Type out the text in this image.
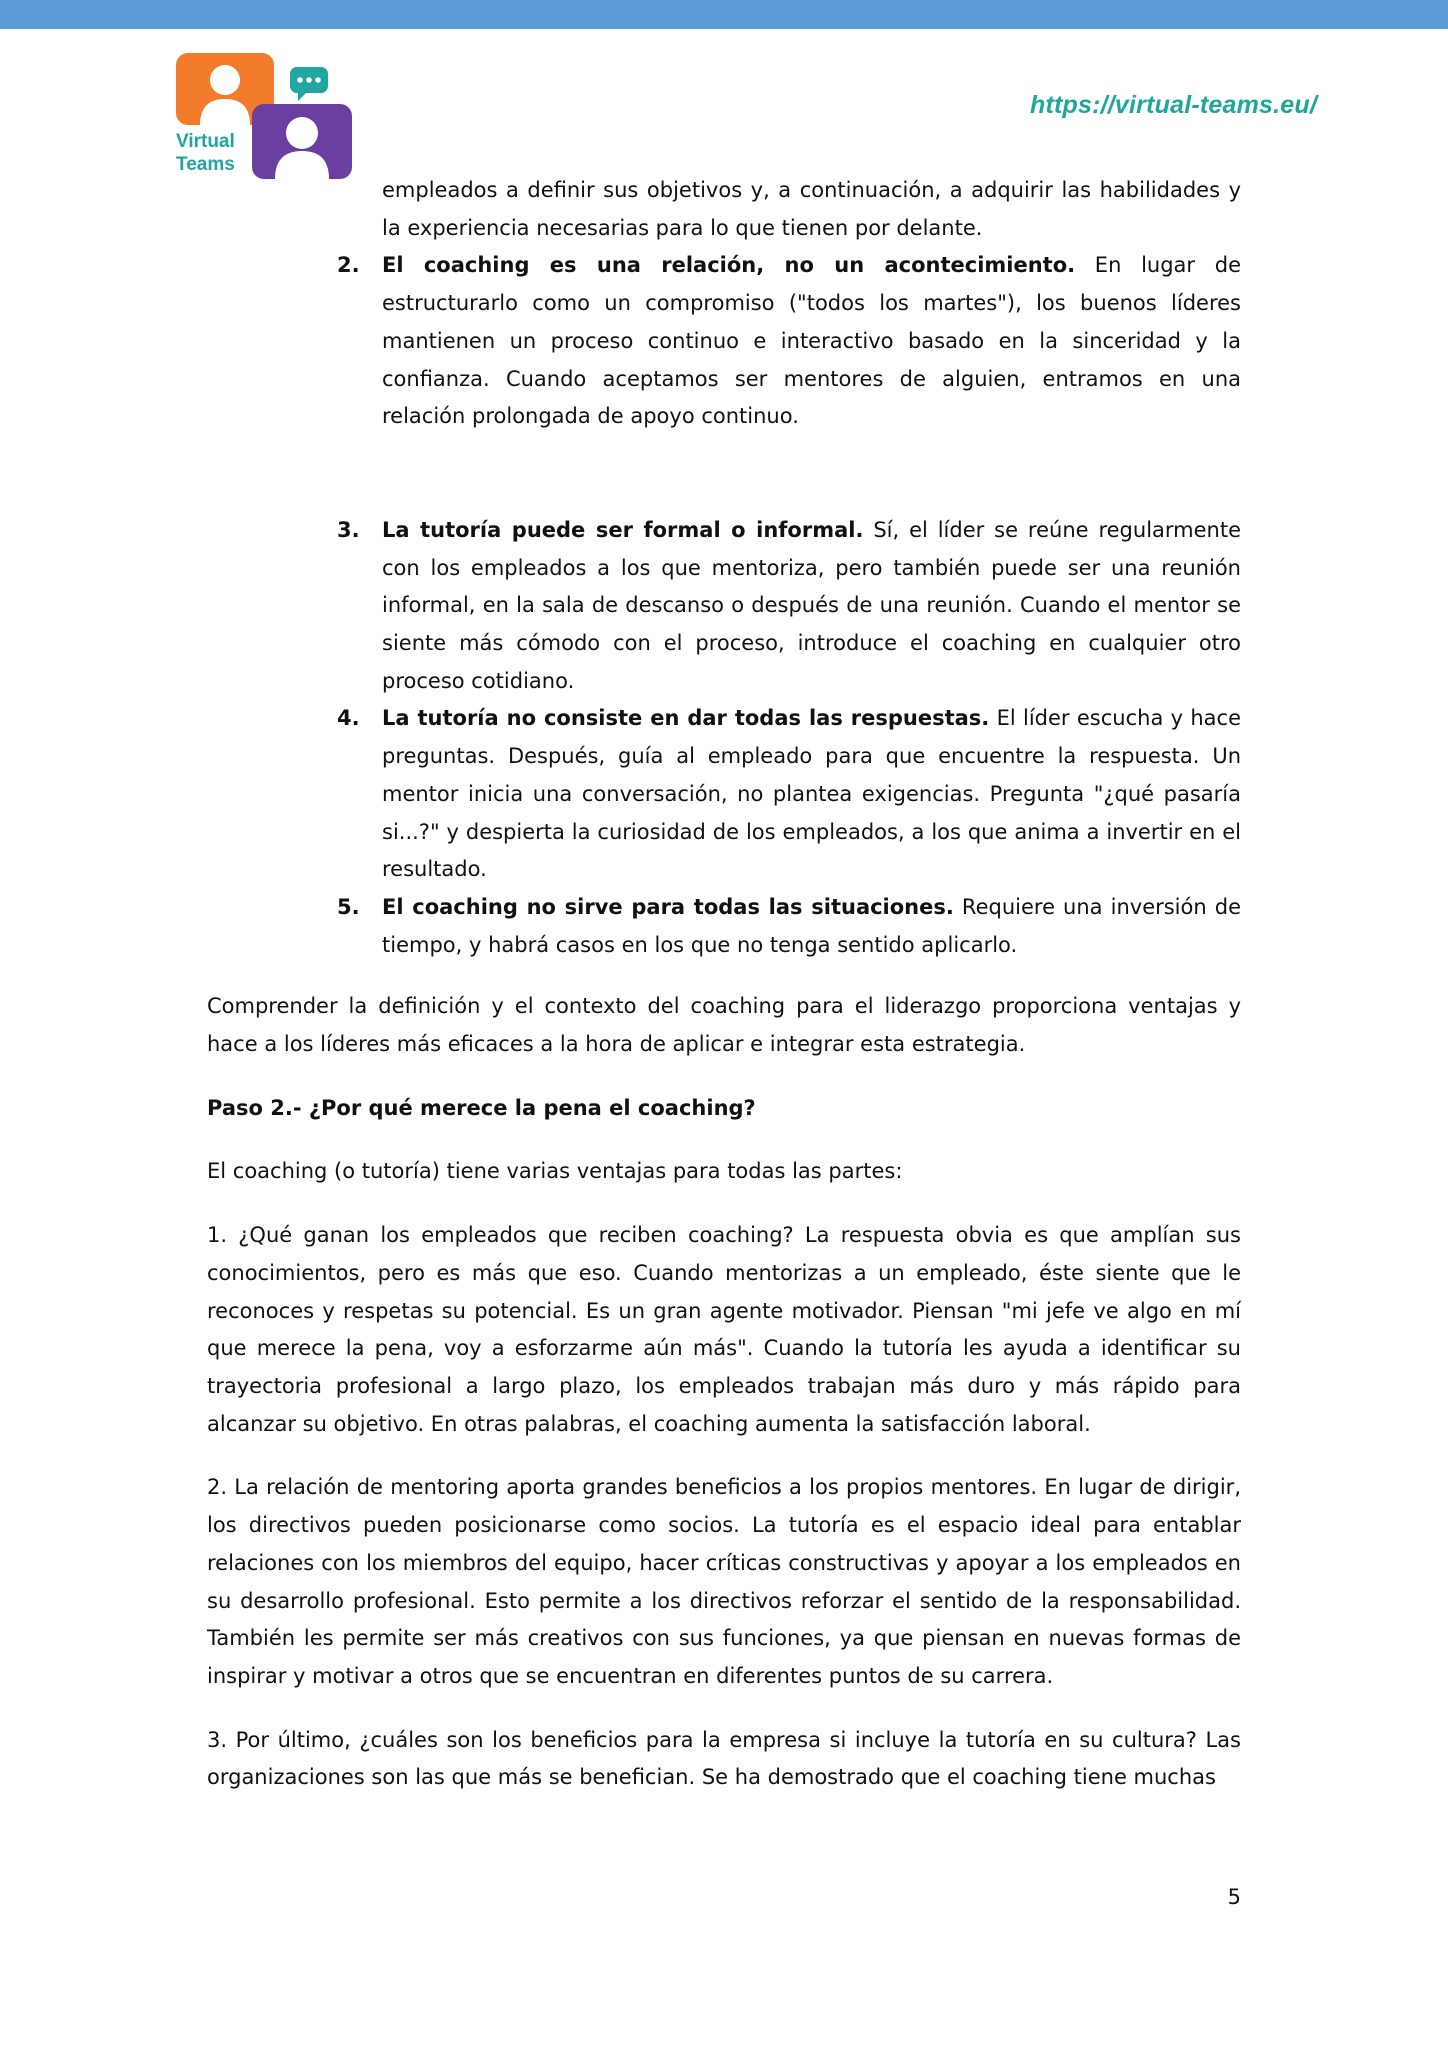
Virtual
Teams
https://virtual-teams.eu/
empleados a definir sus objetivos y, a continuación, a adquirir las habilidades y la experiencia necesarias para lo que tienen por delante.
2. El coaching es una relación, no un acontecimiento. En lugar de estructurarlo como un compromiso ("todos los martes"), los buenos líderes mantienen un proceso continuo e interactivo basado en la sinceridad y la confianza. Cuando aceptamos ser mentores de alguien, entramos en una relación prolongada de apoyo continuo.
3. La tutoría puede ser formal o informal. Sí, el líder se reúne regularmente con los empleados a los que mentoriza, pero también puede ser una reunión informal, en la sala de descanso o después de una reunión. Cuando el mentor se siente más cómodo con el proceso, introduce el coaching en cualquier otro proceso cotidiano.
4. La tutoría no consiste en dar todas las respuestas. El líder escucha y hace preguntas. Después, guía al empleado para que encuentre la respuesta. Un mentor inicia una conversación, no plantea exigencias. Pregunta "¿qué pasaría si...?" y despierta la curiosidad de los empleados, a los que anima a invertir en el resultado.
5. El coaching no sirve para todas las situaciones. Requiere una inversión de tiempo, y habrá casos en los que no tenga sentido aplicarlo.

Comprender la definición y el contexto del coaching para el liderazgo proporciona ventajas y hace a los líderes más eficaces a la hora de aplicar e integrar esta estrategia.

Paso 2.- ¿Por qué merece la pena el coaching?

El coaching (o tutoría) tiene varias ventajas para todas las partes:

1. ¿Qué ganan los empleados que reciben coaching? La respuesta obvia es que amplían sus conocimientos, pero es más que eso. Cuando mentorizas a un empleado, éste siente que le reconoces y respetas su potencial. Es un gran agente motivador. Piensan "mi jefe ve algo en mí que merece la pena, voy a esforzarme aún más". Cuando la tutoría les ayuda a identificar su trayectoria profesional a largo plazo, los empleados trabajan más duro y más rápido para alcanzar su objetivo. En otras palabras, el coaching aumenta la satisfacción laboral.

2. La relación de mentoring aporta grandes beneficios a los propios mentores. En lugar de dirigir, los directivos pueden posicionarse como socios. La tutoría es el espacio ideal para entablar relaciones con los miembros del equipo, hacer críticas constructivas y apoyar a los empleados en su desarrollo profesional. Esto permite a los directivos reforzar el sentido de la responsabilidad. También les permite ser más creativos con sus funciones, ya que piensan en nuevas formas de inspirar y motivar a otros que se encuentran en diferentes puntos de su carrera.

3. Por último, ¿cuáles son los beneficios para la empresa si incluye la tutoría en su cultura? Las organizaciones son las que más se benefician. Se ha demostrado que el coaching tiene muchas

5
